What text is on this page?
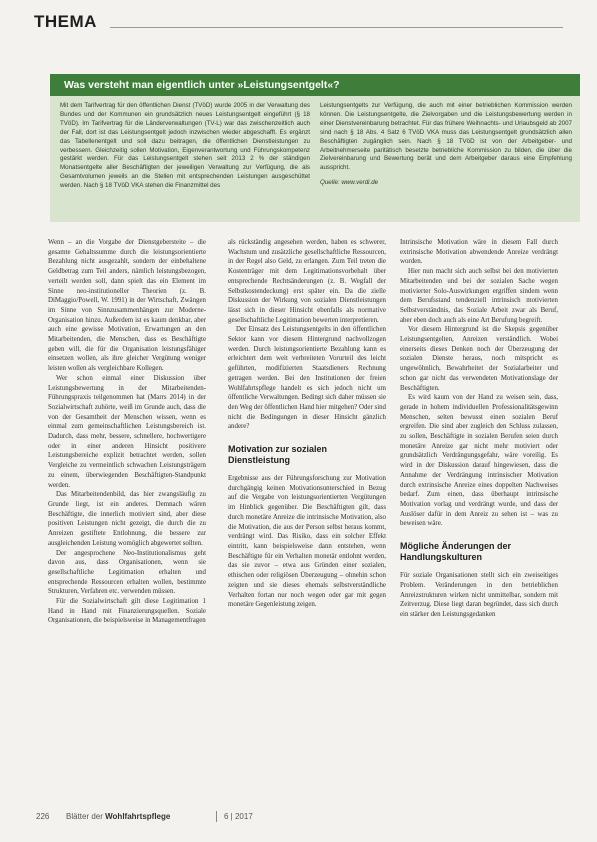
THEMA
Was versteht man eigentlich unter »Leistungsentgelt«?
Mit dem Tarifvertrag für den öffentlichen Dienst (TVöD) wurde 2005 in der Verwaltung des Bundes und der Kommunen ein grundsätzlich neues Leistungsentgelt eingeführt (§ 18 TVöD). Im Tarifvertrag für die Länderverwaltungen (TV-L) war das zwischenzeitlich auch der Fall, dort ist das Leistungsentgelt jedoch inzwischen wieder abgeschafft. Es ergänzt das Tabellenentgelt und soll dazu beitragen, die öffentlichen Dienstleistungen zu verbessern. Gleichzeitig sollen Motivation, Eigenverantwortung und Führungskompetenz gestärkt werden. Für das Leistungsentgelt stehen seit 2013 2 % der ständigen Monatsentgelte aller Beschäftigten der jeweiligen Verwaltung zur Verfügung, die als Gesamtvolumen jeweils an die Stellen mit entsprechenden Leistungen ausgeschüttet werden. Nach § 18 TVöD VKA stehen die Finanzmittel des
Leistungsentgelts zur Verfügung, die auch mit einer betrieblichen Kommission werden können. Die Leistungsentgelte, die Zielvorgaben und die Leistungsbewertung werden in einer Dienstvereinbarung betrachtet. Für das frühere Weihnachts- und Urlaubsgeld ab 2007 sind nach § 18 Abs. 4 Satz 6 TVöD VKA muss das Leistungsentgelt grundsätzlich allen Beschäftigten zugänglich sein. Nach § 18 TVöD ist von der Arbeitgeber- und Arbeitnehmerseite paritätisch besetzte betriebliche Kommission zu bilden, die über die Zielvereinbarung und Bewertung berät und dem Arbeitgeber daraus eine Empfehlung ausspricht.
Quelle: www.verdi.de

Wenn – an die Vorgabe der Dienstgebersteite – die gesamte Gehaltssumme durch die leistungsorientierte Bezahlung nicht ausgezahlt, sondern der einbehaltene Geldbetrag zum Teil anders, nämlich leistungsbezogen, verteilt werden soll, dann spielt das ein Element im Sinne neo-institutioneller Theorien (z. B. DiMaggio/Powell, W. 1991) in der Wirtschaft, Zwängen im Sinne von Sinnzusammenhängen zur Moderne-Organisation hinzu. Außerdem ist es kaum denkbar, aber auch eine gewisse Motivation, Erwartungen an den Mitarbeitenden, die Menschen, dass es Beschäftigte geben will, die für die Organisation leistungsfähiger einsetzen wollen, als ihre gleicher Vergütung weniger leisten wollen als vergleichbare Kollegen.

Wer schon einmal einer Diskussion über Leistungsbewertung in der Mitarbeitenden-Führungspraxis teilgenommen hat (Marrs 2014) in der Sozialwirtschaft zuhörte, weiß im Grunde auch, dass die von der Gesamtheit der Menschen wissen, wenn es einmal zum gemeinschaftlichen Leistungsbereich ist. Dadurch, dass mehr, bessere, schnellere, hochwertigere oder in einer anderen Hinsicht positivere Leistungsbereiche explizit betrachtet werden, sollen Vergleiche zu vermeintlich schwachen Leistungsträgern zu einem, überwiegenden Beschäftigten-Standpunkt werden.

Das Mitarbeitendenbild, das hier zwangsläufig zu Grunde liegt, ist ein anderes. Demnach wären Beschäftigte, die innerlich motiviert sind, aber diese positiven Leistungen nicht gezeigt, die durch die zu Anreizen gestiftete Entlohnung, die bessere zur ausgleichenden Leistung womöglich abgewertet sollten.

Der angesprochene Neo-Institutionalismus geht davon aus, dass Organisationen, wenn sie gesellschaftliche Legitimation erhalten und entsprechende Ressourcen erhalten wollen, bestimmte Strukturen, Verfahren etc. verwenden müssen.

Für die Sozialwirtschaft gilt diese Legitimation 1 Hand in Hand mit Finanzierungsquellen. Soziale Organisationen, die beispielsweise in Managementfragen

als rückständig angesehen werden, haben es schwerer, Wachstum und zusätzliche gesellschaftliche Ressourcen, in der Regel also Geld, zu erlangen. Zum Teil treten die Kostenträger mit dem Legitimationsvorbehalt über entsprechende Rechtsänderungen (z. B. Wegfall der Selbstkostendeckung) erst später ein. Da die zielle Diskussion der Wirkung von sozialen Dienstleistungen lässt sich in dieser Hinsicht ebenfalls als normative gesellschaftliche Legitimation bewerten interpretieren.

Der Einsatz des Leistungsentgelts in den öffentlichen Sektor kann vor diesem Hintergrund nachvollzogen werden. Durch leistungsorientierte Bezahlung kann es erleichtert dem weit verbreiteten Vorurteil des leicht geführten, modifizierten Staatsdieners Rechnung getragen werden. Bei den Institutionen der freien Wohlfahrtspflege handelt es sich jedoch nicht um öffentliche Verwaltungen. Bedingt sich daher müssen sie den Weg der öffentlichen Hand hier mitgehen? Oder sind nicht die Bedingungen in dieser Hinsicht gänzlich andere?

Motivation zur sozialen Dienstleistung

Ergebnisse aus der Führungsforschung zur Motivation durchgängig keinen Motivationsunterschied in Bezug auf die Vergabe von leistungsorientierten Vergütungen im Hinblick gegenüber. Die Beschäftigten gilt, dass durch monetäre Anreize die intrinsische Motivation, also die Motivation, die aus der Person selbst heraus kommt, verdrängt wird. Das Risiko, dass ein solcher Effekt eintritt, kann beispielsweise dann entstehen, wenn Beschäftigte für ein Verhalten monetär entlohnt werden, das sie zuvor – etwa aus Gründen einer sozialen, ethischen oder religiösen Überzeugung – ohnehin schon zeigten und sie dieses ehemals selbstverständliche Verhalten fortan nur noch wegen oder gar mit gegen monetäre Gegenleistung zeigen.

Intrinsische Motivation wäre in diesem Fall durch extrinsische Motivation abwendende Anreize verdrängt worden.

Hier nun macht sich auch selbst bei den motivierten Mitarbeitenden und bei der sozialen Sache wegen motivierter Solo-Auswirkungen ergriffen sindem wenn dem Berufsstand tendenziell intrinsisch motivierten Selbstverständnis, das Soziale Arbeit zwar als Beruf, aber eben doch auch als eine Art Berufung begreift.

Vor diesem Hintergrund ist die Skepsis gegenüber Leistungsentgelten, Anreizen verständlich. Wobei einerseits dieses Denken noch der Überzeugung der sozialen Dienste heraus, noch mitspricht es ungewöhnlich, Bewahrheitet der Sozialarbeiter und schon gar nicht das verwendeten Motivationslage der Beschäftigten.

Es wird kaum von der Hand zu weisen sein, dass, gerade in hohem individuellen Professionalitätsgewinn Menschen, selten bewusst einen sozialen Beruf ergreifen. Die sind aber zugleich den Schluss zulassen, zu sollen, Beschäftigte in sozialen Berufen seien durch monetäre Anreize gar nicht mehr motiviert oder grundsätzlich Verdrängungsgefahr, wäre voreilig. Es wird in der Diskussion darauf hingewiesen, dass die Annahme der Verdrängung intrinsischer Motivation durch extrinsische Anreize eines doppelten Nachweises bedarf. Zum einen, dass überhaupt intrinsische Motivation vorlag und verdrängt wurde, und dass der Auslöser dafür in dem Anreiz zu sehen ist – was zu beweisen wäre.

Mögliche Änderungen der Handlungskulturen

Für soziale Organisationen stellt sich ein zweiseitiges Problem. Veränderungen in den betrieblichen Anreizstrukturen wirken nicht unmittelbar, sondern mit Zeitverzug. Diese liegt daran begründet, dass sich durch ein stärker den Leistungsgedanken

226 Blätter der Wohlfahrtspflege	6 | 2017
